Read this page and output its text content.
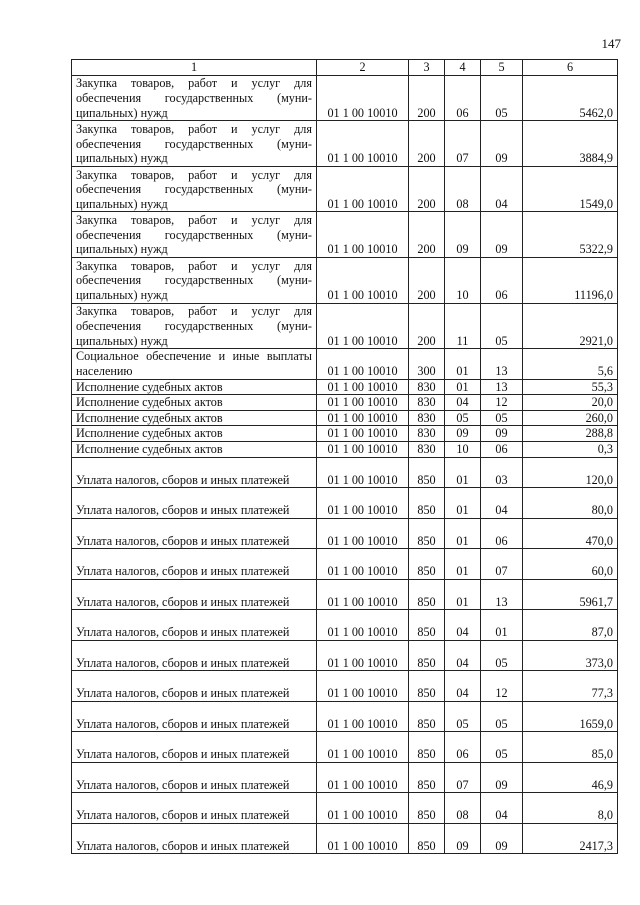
147
1	2	3	4	5	6
Закупка товаров, работ и услуг для обеспечения государственных (муни-ципальных) нужд	01 1 00 10010	200	06	05	5462,0
Закупка товаров, работ и услуг для обеспечения государственных (муни-ципальных) нужд	01 1 00 10010	200	07	09	3884,9
Закупка товаров, работ и услуг для обеспечения государственных (муни-ципальных) нужд	01 1 00 10010	200	08	04	1549,0
Закупка товаров, работ и услуг для обеспечения государственных (муни-ципальных) нужд	01 1 00 10010	200	09	09	5322,9
Закупка товаров, работ и услуг для обеспечения государственных (муни-ципальных) нужд	01 1 00 10010	200	10	06	11196,0
Закупка товаров, работ и услуг для обеспечения государственных (муни-ципальных) нужд	01 1 00 10010	200	11	05	2921,0
Социальное обеспечение и иные выплаты населению	01 1 00 10010	300	01	13	5,6
Исполнение судебных актов	01 1 00 10010	830	01	13	55,3
Исполнение судебных актов	01 1 00 10010	830	04	12	20,0
Исполнение судебных актов	01 1 00 10010	830	05	05	260,0
Исполнение судебных актов	01 1 00 10010	830	09	09	288,8
Исполнение судебных актов	01 1 00 10010	830	10	06	0,3
Уплата налогов, сборов и иных платежей	01 1 00 10010	850	01	03	120,0
Уплата налогов, сборов и иных платежей	01 1 00 10010	850	01	04	80,0
Уплата налогов, сборов и иных платежей	01 1 00 10010	850	01	06	470,0
Уплата налогов, сборов и иных платежей	01 1 00 10010	850	01	07	60,0
Уплата налогов, сборов и иных платежей	01 1 00 10010	850	01	13	5961,7
Уплата налогов, сборов и иных платежей	01 1 00 10010	850	04	01	87,0
Уплата налогов, сборов и иных платежей	01 1 00 10010	850	04	05	373,0
Уплата налогов, сборов и иных платежей	01 1 00 10010	850	04	12	77,3
Уплата налогов, сборов и иных платежей	01 1 00 10010	850	05	05	1659,0
Уплата налогов, сборов и иных платежей	01 1 00 10010	850	06	05	85,0
Уплата налогов, сборов и иных платежей	01 1 00 10010	850	07	09	46,9
Уплата налогов, сборов и иных платежей	01 1 00 10010	850	08	04	8,0
Уплата налогов, сборов и иных платежей	01 1 00 10010	850	09	09	2417,3
